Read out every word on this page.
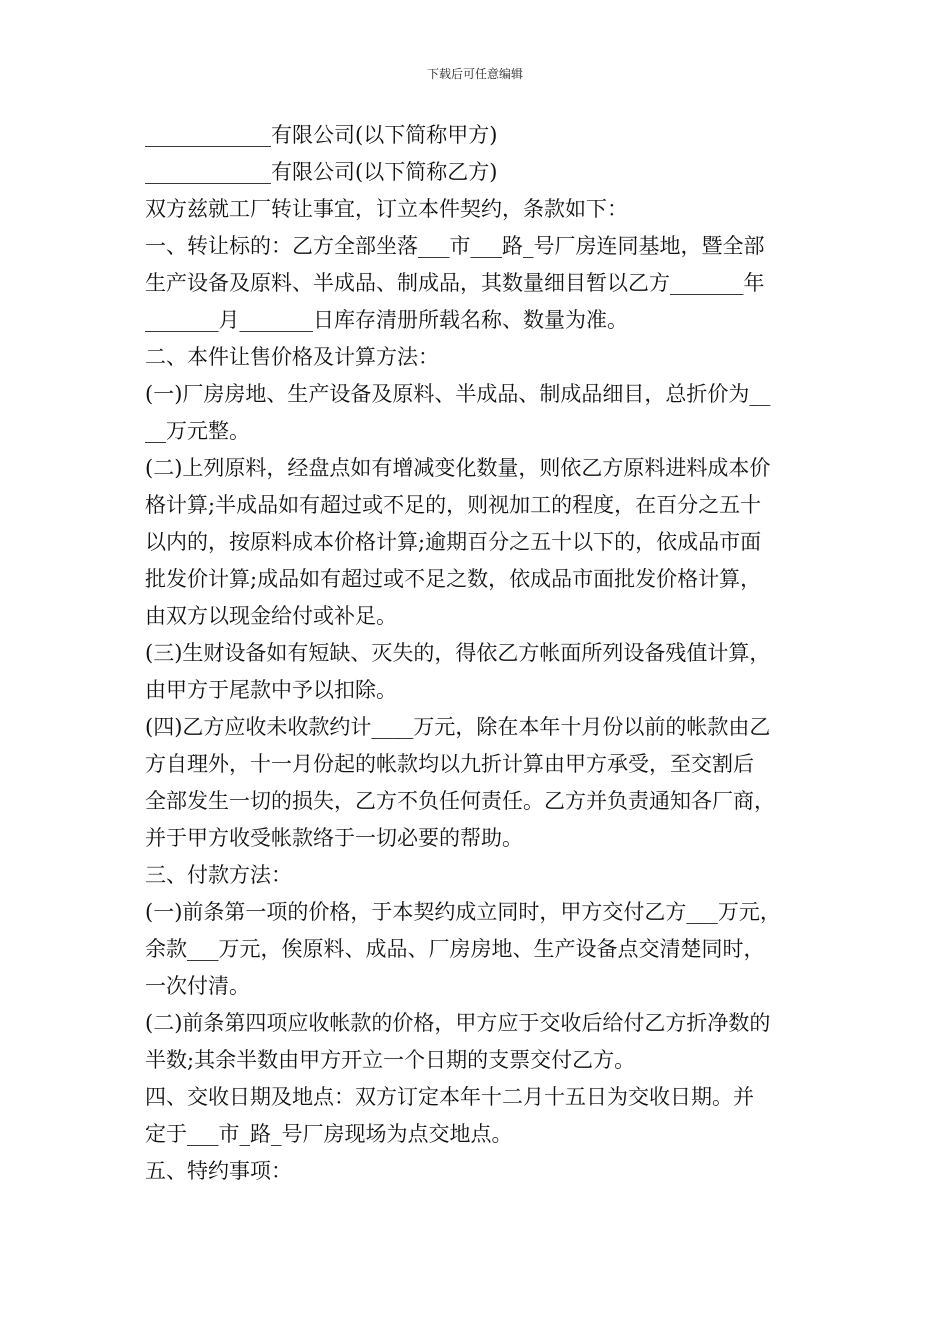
下载后可任意编辑
____________有限公司(以下简称甲方)
____________有限公司(以下简称乙方)
双方兹就工厂转让事宜，订立本件契约，条款如下：
一、转让标的：乙方全部坐落___市___路_号厂房连同基地，暨全部
生产设备及原料、半成品、制成品，其数量细目暂以乙方_______年
_______月_______日库存清册所载名称、数量为准。
二、本件让售价格及计算方法：
(一)厂房房地、生产设备及原料、半成品、制成品细目，总折价为__
__万元整。
(二)上列原料，经盘点如有增减变化数量，则依乙方原料进料成本价
格计算;半成品如有超过或不足的，则视加工的程度，在百分之五十
以内的，按原料成本价格计算;逾期百分之五十以下的，依成品市面
批发价计算;成品如有超过或不足之数，依成品市面批发价格计算，
由双方以现金给付或补足。
(三)生财设备如有短缺、灭失的，得依乙方帐面所列设备残值计算，
由甲方于尾款中予以扣除。
(四)乙方应收未收款约计____万元，除在本年十月份以前的帐款由乙
方自理外，十一月份起的帐款均以九折计算由甲方承受，至交割后
全部发生一切的损失，乙方不负任何责任。乙方并负责通知各厂商，
并于甲方收受帐款络于一切必要的帮助。
三、付款方法：
(一)前条第一项的价格，于本契约成立同时，甲方交付乙方___万元，
余款___万元，俟原料、成品、厂房房地、生产设备点交清楚同时，
一次付清。
(二)前条第四项应收帐款的价格，甲方应于交收后给付乙方折净数的
半数;其余半数由甲方开立一个日期的支票交付乙方。
四、交收日期及地点：双方订定本年十二月十五日为交收日期。并
定于___市_路_号厂房现场为点交地点。
五、特约事项：
